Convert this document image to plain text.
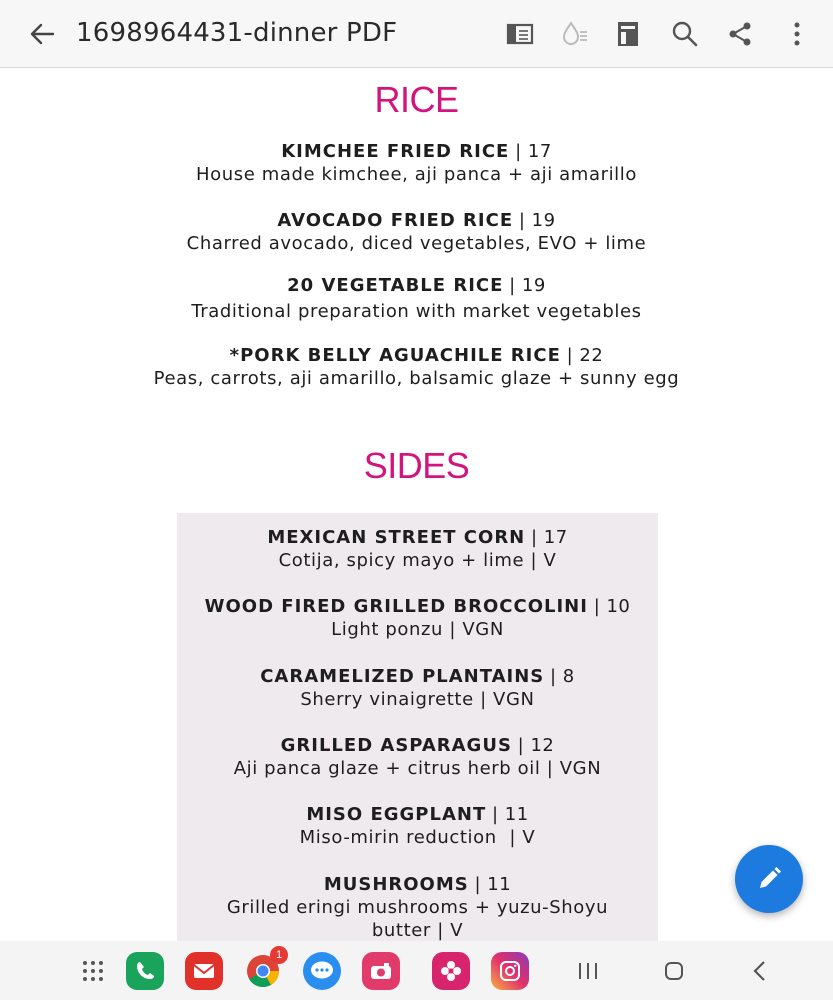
1698964431-dinner PDF
RICE
KIMCHEE FRIED RICE | 17
House made kimchee, aji panca + aji amarillo
AVOCADO FRIED RICE | 19
Charred avocado, diced vegetables, EVO + lime
20 VEGETABLE RICE | 19
Traditional preparation with market vegetables
*PORK BELLY AGUACHILE RICE | 22
Peas, carrots, aji amarillo, balsamic glaze + sunny egg
SIDES
MEXICAN STREET CORN | 17
Cotija, spicy mayo + lime | V
WOOD FIRED GRILLED BROCCOLINI | 10
Light ponzu | VGN
CARAMELIZED PLANTAINS | 8
Sherry vinaigrette | VGN
GRILLED ASPARAGUS | 12
Aji panca glaze + citrus herb oil | VGN
MISO EGGPLANT | 11
Miso-mirin reduction  | V
MUSHROOMS | 11
Grilled eringi mushrooms + yuzu-Shoyu
butter | V
1
